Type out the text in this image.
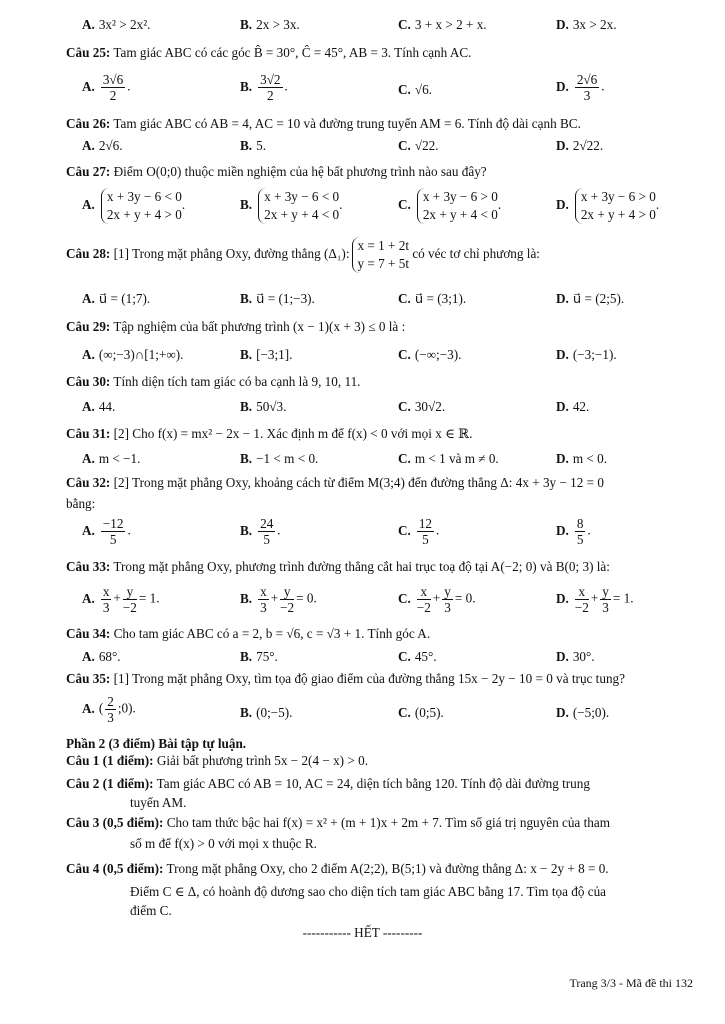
A. 3x² > 2x².	B. 2x > 3x.	C. 3 + x > 2 + x.	D. 3x > 2x.
Câu 25: Tam giác ABC có các góc B̂ = 30°, Ĉ = 45°, AB = 3. Tính cạnh AC.
A. $\frac{3√6}{2}$ .	B. $\frac{3√2}{2}$ .	C. √6.	D. $\frac{2√6}{3}$ .
Câu 26: Tam giác ABC có AB = 4, AC = 10 và đường trung tuyến AM = 6. Tính độ dài cạnh BC.
A. 2√6.	B. 5.	C. √22.	D. 2√22.
Câu 27: Điểm O(0;0) thuộc miền nghiệm của hệ bất phương trình nào sau đây?
A.
x + 3y − 6 < 0
2x + y + 4 > 0
.	B.
x + 3y − 6 < 0
2x + y + 4 < 0
.	C.
x + 3y − 6 > 0
2x + y + 4 < 0
.	D.
x + 3y − 6 > 0
2x + y + 4 > 0
.
Câu 28: [1] Trong mặt phẳng Oxy, đường thẳng (Δ₁):
x = 1 + 2t
y = 7 + 5t
có véc tơ chỉ phương là:
A. u⃗ = (1;7).	B. u⃗ = (1;−3).	C. u⃗ = (3;1).	D. u⃗ = (2;5).
Câu 29: Tập nghiệm của bất phương trình (x − 1)(x + 3) ≤ 0 là :
A. (∞;−3)∩[1;+∞).	B. [−3;1].	C. (−∞;−3).	D. (−3;−1).
Câu 30: Tính diện tích tam giác có ba cạnh là 9, 10, 11.
A. 44.	B. 50√3.	C. 30√2.	D. 42.
Câu 31: [2] Cho f(x) = mx² − 2x − 1. Xác định m để f(x) < 0 với mọi x ∈ ℝ.
A. m < −1.	B. −1 < m < 0.	C. m < 1 và m ≠ 0.	D. m < 0.
Câu 32: [2] Trong mặt phẳng Oxy, khoảng cách từ điểm M(3;4) đến đường thẳng Δ: 4x + 3y − 12 = 0
bằng:
A. $\frac{-12}{5}$ .	B. $\frac{24}{5}$ .	C. $\frac{12}{5}$ .	D. $\frac{8}{5}$ .
Câu 33: Trong mặt phẳng Oxy, phương trình đường thẳng cắt hai trục toạ độ tại A(−2; 0) và B(0; 3) là:
A. $\frac{x}{3} + \frac{y}{-2} = 1$.	B. $\frac{x}{3} + \frac{y}{-2} = 0$.	C. $\frac{x}{-2} + \frac{y}{3} = 0$.	D. $\frac{x}{-2} + \frac{y}{3} = 1$.
Câu 34: Cho tam giác ABC có a = 2, b = √6, c = √3 + 1. Tính góc A.
A. 68°.	B. 75°.	C. 45°.	D. 30°.
Câu 35: [1] Trong mặt phẳng Oxy, tìm tọa độ giao điểm của đường thẳng 15x − 2y − 10 = 0 và trục tung?
A. ( $\frac{2}{3}$ ;0).	B. (0;−5).	C. (0;5).	D. (−5;0).
Phần 2 (3 điểm) Bài tập tự luận.
Câu 1 (1 điểm): Giải bất phương trình 5x − 2(4 − x) > 0.
Câu 2 (1 điểm): Tam giác ABC có AB = 10, AC = 24, diện tích bằng 120. Tính độ dài đường trung
tuyến AM.
Câu 3 (0,5 điểm): Cho tam thức bậc hai f(x) = x² + (m + 1)x + 2m + 7. Tìm số giá trị nguyên của tham
số m để f(x) > 0 với mọi x thuộc R.
Câu 4 (0,5 điểm): Trong mặt phẳng Oxy, cho 2 điểm A(2;2), B(5;1) và đường thẳng Δ: x − 2y + 8 = 0.
Điểm C ∈ Δ, có hoành độ dương sao cho diện tích tam giác ABC bằng 17. Tìm tọa độ của
điểm C.
----------- HẾT ---------
Trang 3/3 - Mã đề thi 132
